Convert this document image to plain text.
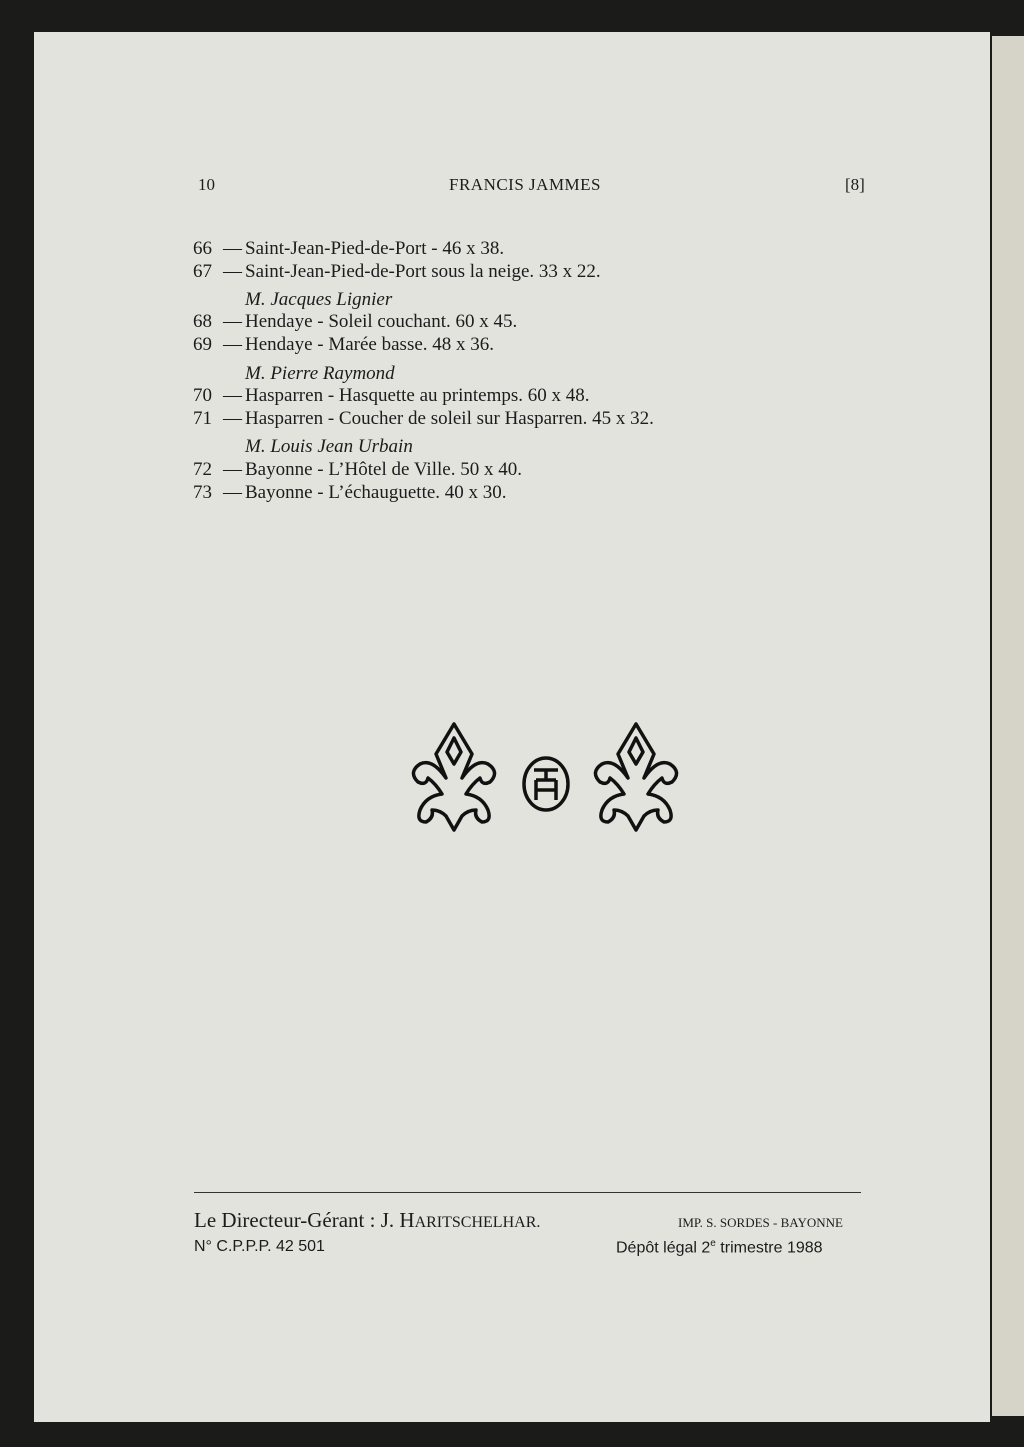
10	FRANCIS JAMMES	[8]
66 — Saint-Jean-Pied-de-Port - 46 x 38.
67 — Saint-Jean-Pied-de-Port sous la neige. 33 x 22.
M. Jacques Lignier
68 — Hendaye - Soleil couchant. 60 x 45.
69 — Hendaye - Marée basse. 48 x 36.
M. Pierre Raymond
70 — Hasparren - Hasquette au printemps. 60 x 48.
71 — Hasparren - Coucher de soleil sur Hasparren. 45 x 32.
M. Louis Jean Urbain
72 — Bayonne - L’Hôtel de Ville. 50 x 40.
73 — Bayonne - L’échauguette. 40 x 30.
Le Directeur-Gérant : J. HARITSCHELHAR.	IMP. S. SORDES - BAYONNE
N° C.P.P.P. 42 501	Dépôt légal 2e trimestre 1988
